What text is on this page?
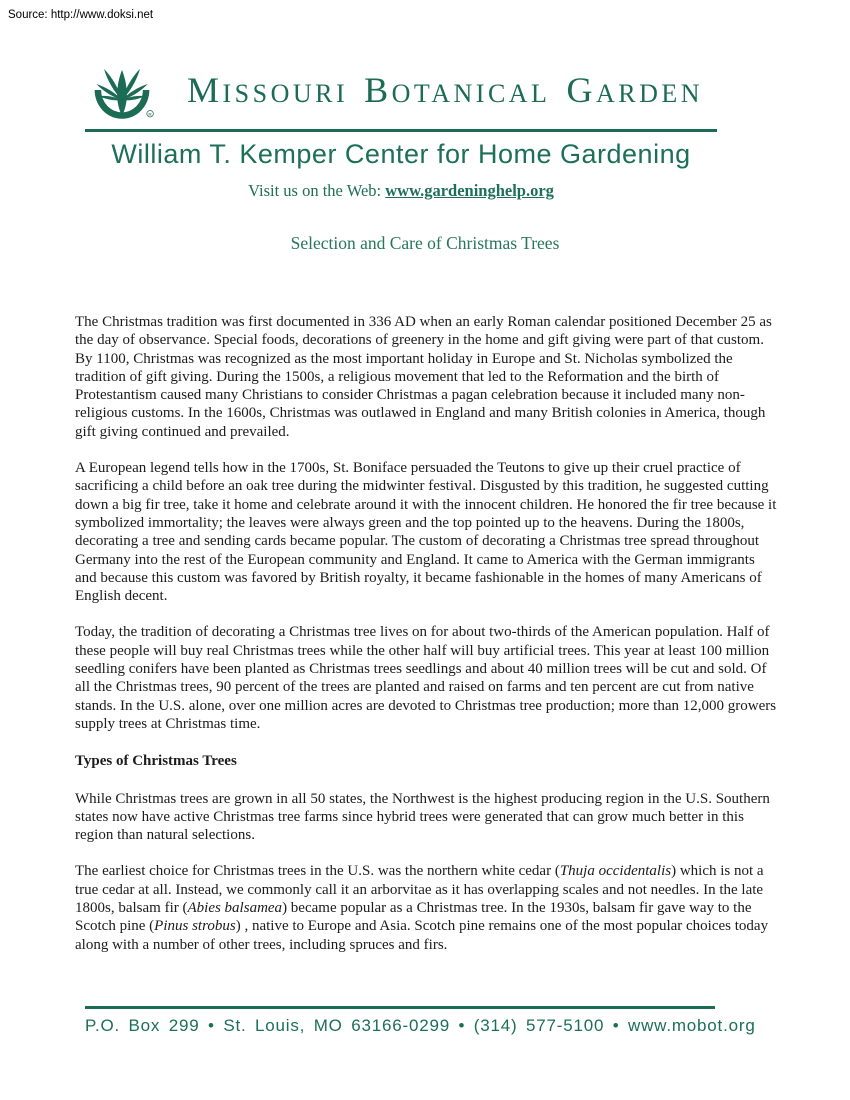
Source: http://www.doksi.net
R
MISSOURI BOTANICAL GARDEN
William T. Kemper Center for Home Gardening
Visit us on the Web: www.gardeninghelp.org
Selection and Care of Christmas Trees

The Christmas tradition was first documented in 336 AD when an early Roman calendar positioned December 25 as the day of observance. Special foods, decorations of greenery in the home and gift giving were part of that custom. By 1100, Christmas was recognized as the most important holiday in Europe and St. Nicholas symbolized the tradition of gift giving. During the 1500s, a religious movement that led to the Reformation and the birth of Protestantism caused many Christians to consider Christmas a pagan celebration because it included many non-religious customs. In the 1600s, Christmas was outlawed in England and many British colonies in America, though gift giving continued and prevailed.

A European legend tells how in the 1700s, St. Boniface persuaded the Teutons to give up their cruel practice of sacrificing a child before an oak tree during the midwinter festival. Disgusted by this tradition, he suggested cutting down a big fir tree, take it home and celebrate around it with the innocent children. He honored the fir tree because it symbolized immortality; the leaves were always green and the top pointed up to the heavens. During the 1800s, decorating a tree and sending cards became popular. The custom of decorating a Christmas tree spread throughout Germany into the rest of the European community and England. It came to America with the German immigrants and because this custom was favored by British royalty, it became fashionable in the homes of many Americans of English decent.

Today, the tradition of decorating a Christmas tree lives on for about two-thirds of the American population. Half of these people will buy real Christmas trees while the other half will buy artificial trees. This year at least 100 million seedling conifers have been planted as Christmas trees seedlings and about 40 million trees will be cut and sold. Of all the Christmas trees, 90 percent of the trees are planted and raised on farms and ten percent are cut from native stands. In the U.S. alone, over one million acres are devoted to Christmas tree production; more than 12,000 growers supply trees at Christmas time.

Types of Christmas Trees

While Christmas trees are grown in all 50 states, the Northwest is the highest producing region in the U.S. Southern states now have active Christmas tree farms since hybrid trees were generated that can grow much better in this region than natural selections.

The earliest choice for Christmas trees in the U.S. was the northern white cedar (Thuja occidentalis) which is not a true cedar at all. Instead, we commonly call it an arborvitae as it has overlapping scales and not needles. In the late 1800s, balsam fir (Abies balsamea) became popular as a Christmas tree. In the 1930s, balsam fir gave way to the Scotch pine (Pinus strobus) , native to Europe and Asia. Scotch pine remains one of the most popular choices today along with a number of other trees, including spruces and firs.

P.O. Box 299 • St. Louis, MO 63166-0299 • (314) 577-5100 • www.mobot.org
